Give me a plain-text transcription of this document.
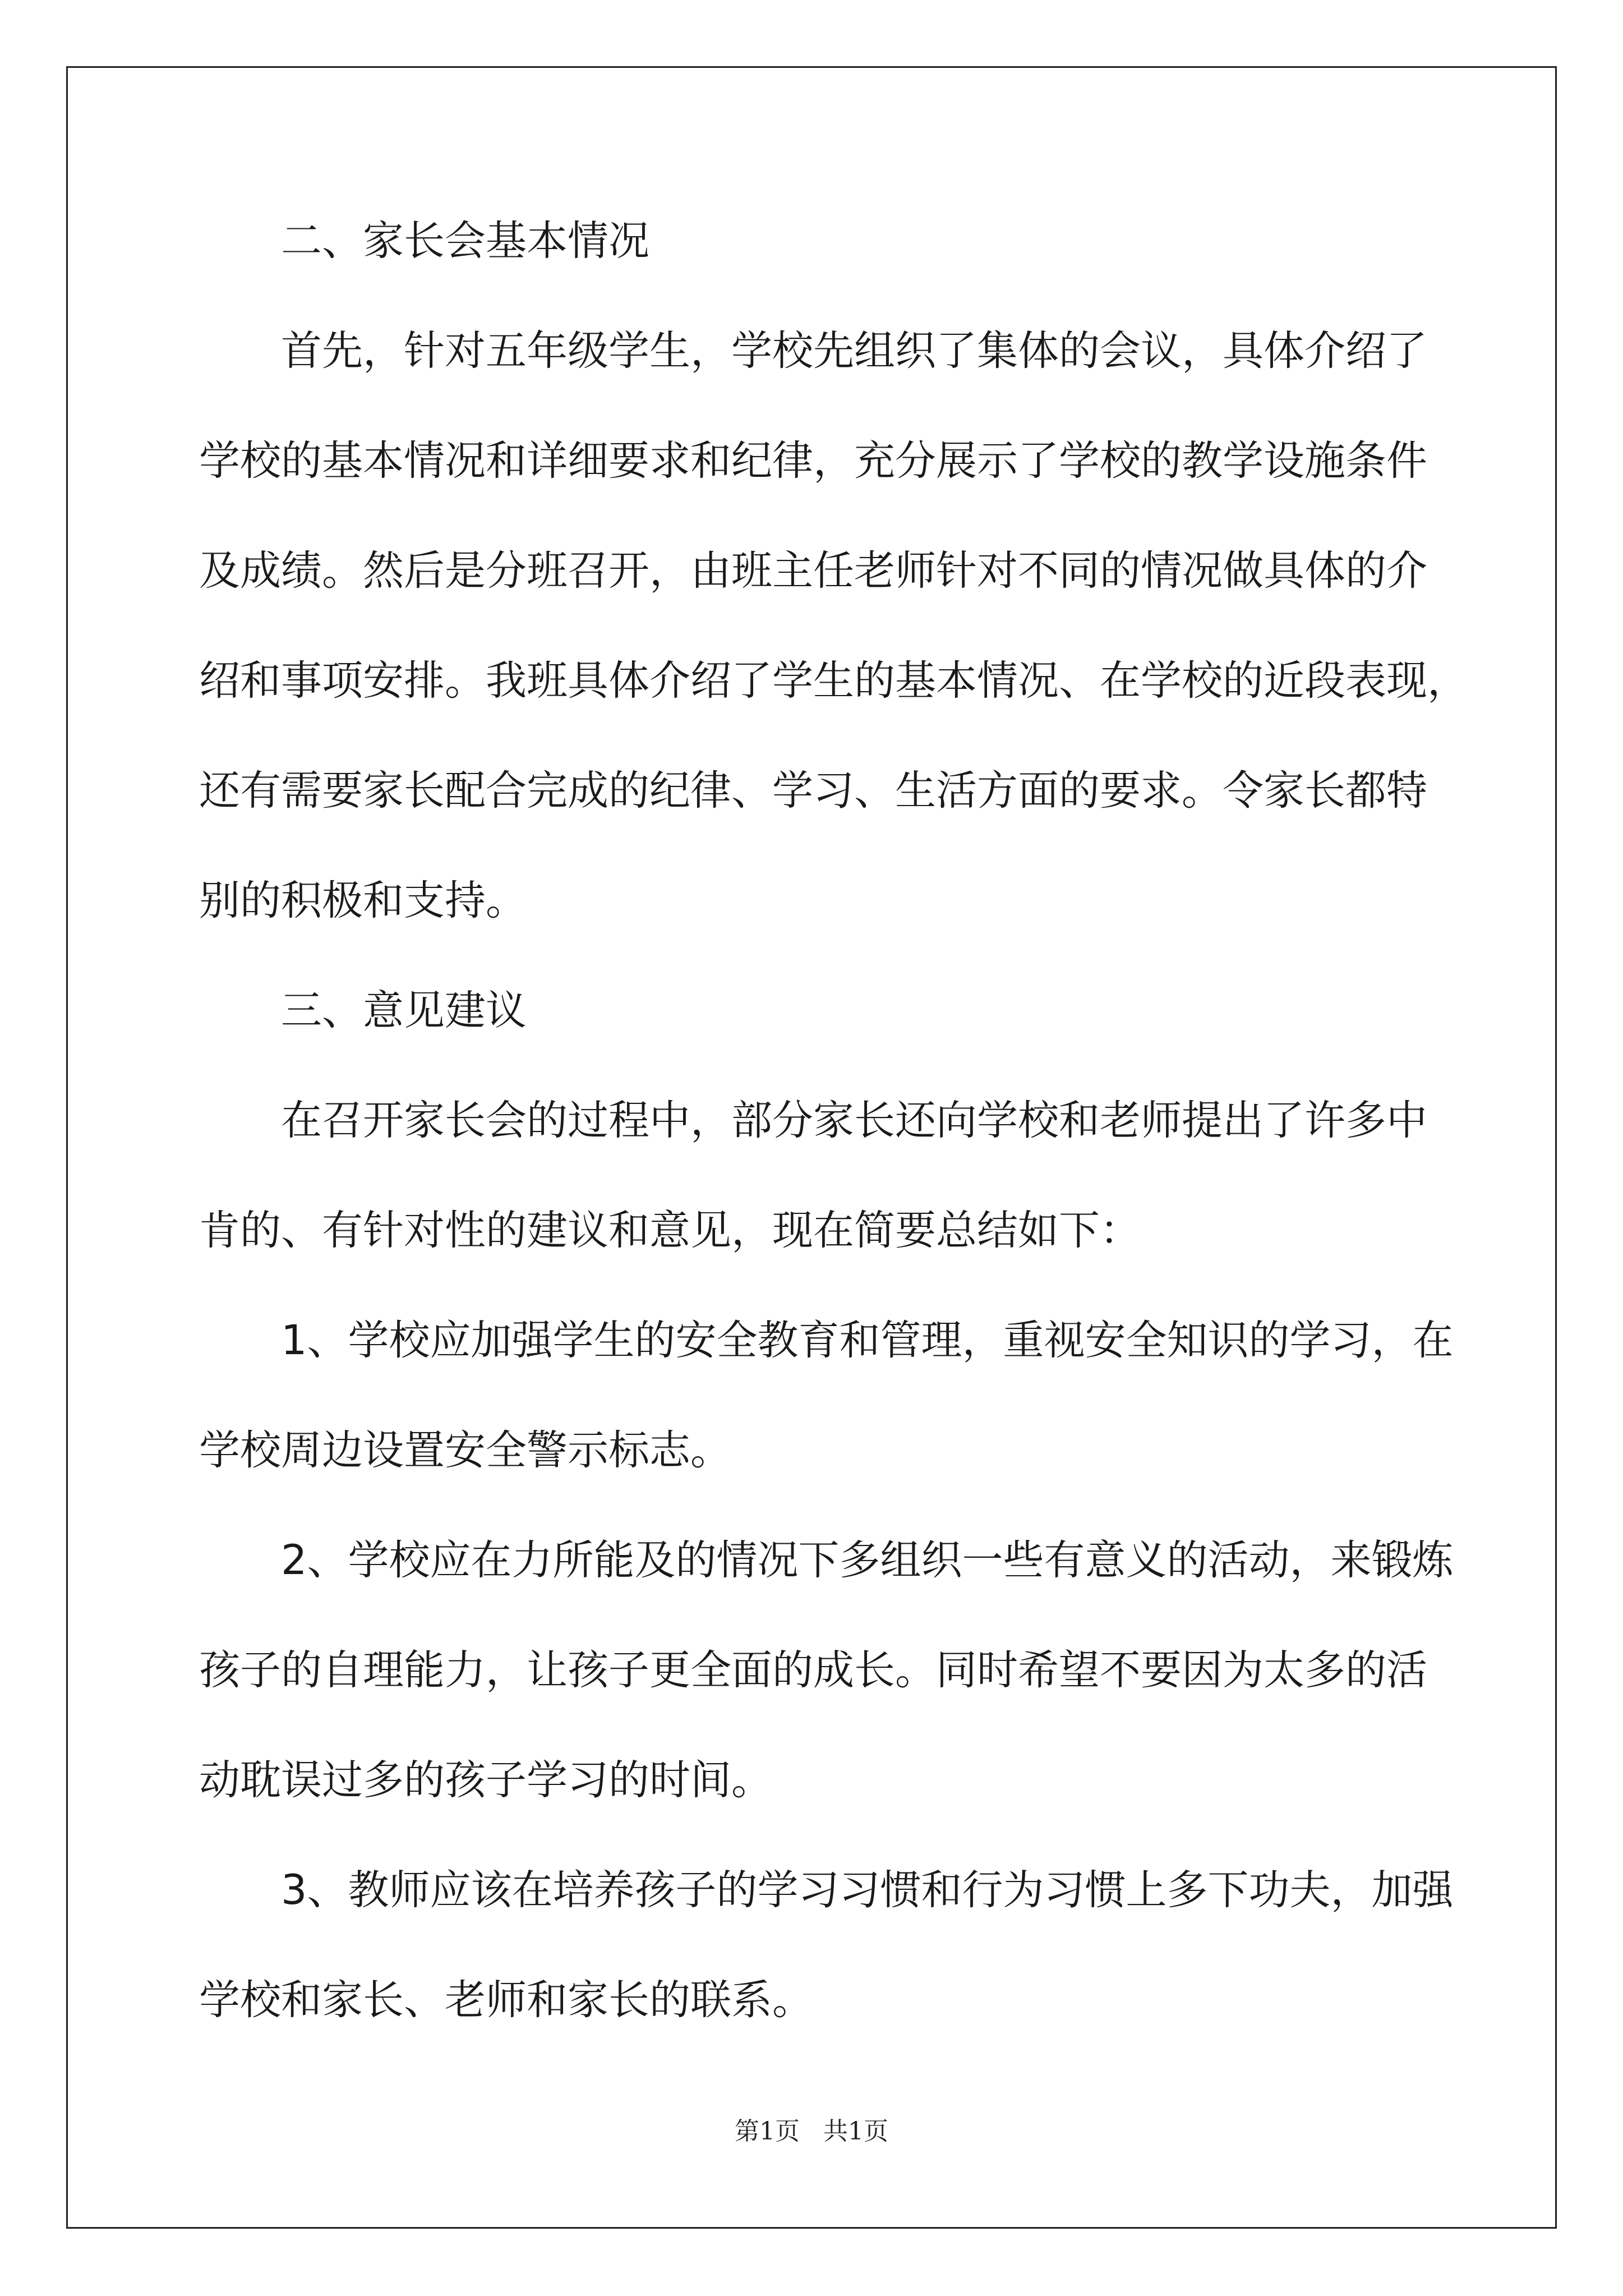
二、家长会基本情况
首先，针对五年级学生，学校先组织了集体的会议，具体介绍了
学校的基本情况和详细要求和纪律，充分展示了学校的教学设施条件
及成绩。然后是分班召开，由班主任老师针对不同的情况做具体的介
绍和事项安排。我班具体介绍了学生的基本情况、在学校的近段表现，
还有需要家长配合完成的纪律、学习、生活方面的要求。令家长都特
别的积极和支持。
三、意见建议
在召开家长会的过程中，部分家长还向学校和老师提出了许多中
肯的、有针对性的建议和意见，现在简要总结如下：
1、学校应加强学生的安全教育和管理，重视安全知识的学习，在
学校周边设置安全警示标志。
2、学校应在力所能及的情况下多组织一些有意义的活动，来锻炼
孩子的自理能力，让孩子更全面的成长。同时希望不要因为太多的活
动耽误过多的孩子学习的时间。
3、教师应该在培养孩子的学习习惯和行为习惯上多下功夫，加强
学校和家长、老师和家长的联系。
第1页   共1页
